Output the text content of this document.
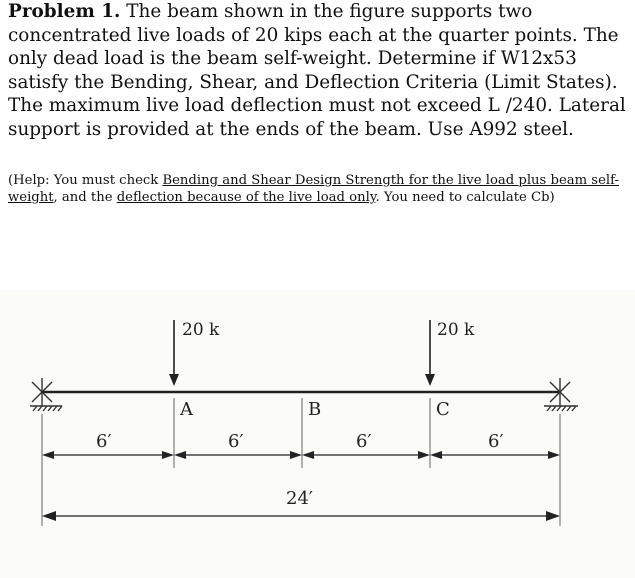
Problem 1. The beam shown in the figure supports two concentrated live loads of 20 kips each at the quarter points. The only dead load is the beam self-weight. Determine if W12x53 satisfy the Bending, Shear, and Deflection Criteria (Limit States). The maximum live load deflection must not exceed L /240. Lateral support is provided at the ends of the beam. Use A992 steel.

(Help: You must check Bending and Shear Design Strength for the live load plus beam self-weight, and the deflection because of the live load only. You need to calculate Cb)

20 k	20 k
A	B	C
6′	6′	6′	6′
24′
